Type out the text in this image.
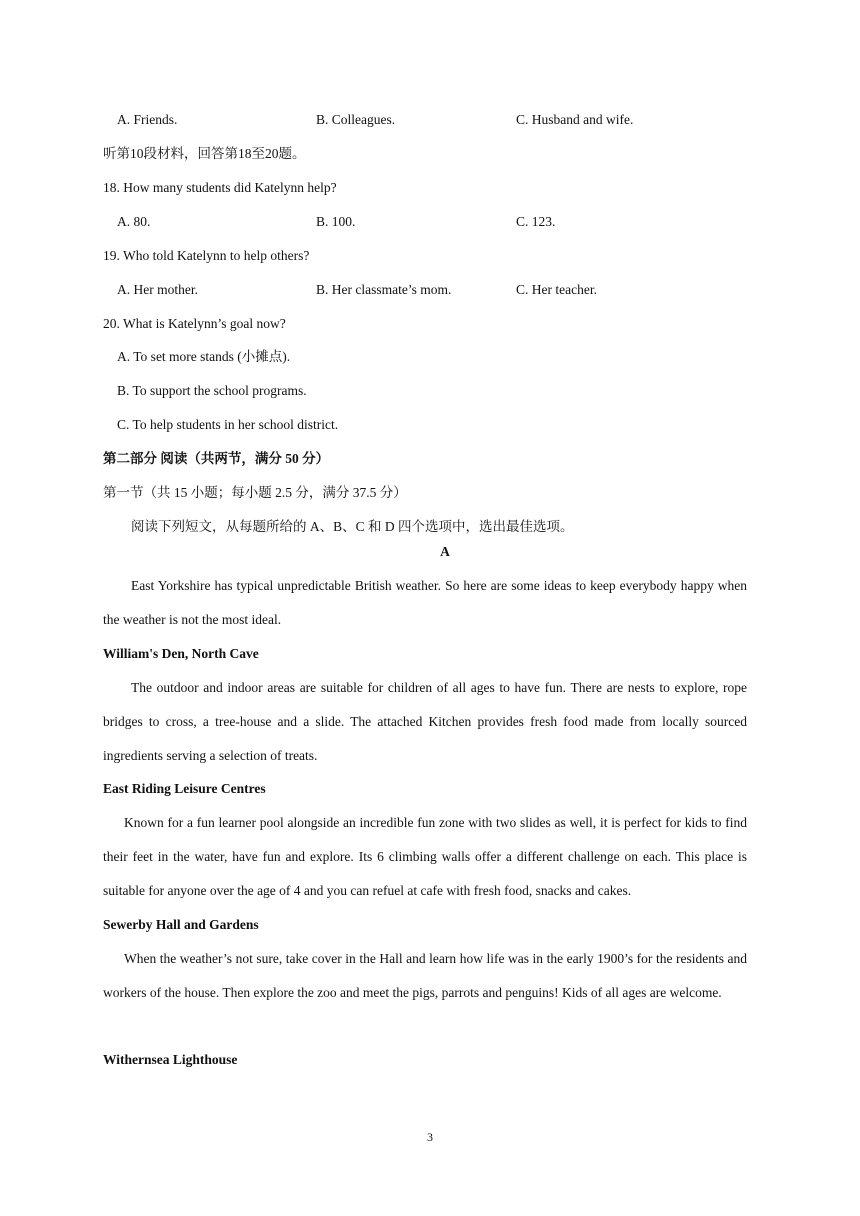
A. Friends.	B. Colleagues.	C. Husband and wife.
听第10段材料，回答第18至20题。
18. How many students did Katelynn help?
A. 80.	B. 100.	C. 123.
19. Who told Katelynn to help others?
A. Her mother.	B. Her classmate’s mom.	C. Her teacher.
20. What is Katelynn’s goal now?
A. To set more stands (小摊点).
B. To support the school programs.
C. To help students in her school district.
第二部分 阅读（共两节，满分 50 分）
第一节（共 15 小题；每小题 2.5 分，满分 37.5 分）
阅读下列短文，从每题所给的 A、B、C 和 D 四个选项中，选出最佳选项。
A
East Yorkshire has typical unpredictable British weather. So here are some ideas to keep everybody happy when the weather is not the most ideal.
William's Den, North Cave
The outdoor and indoor areas are suitable for children of all ages to have fun. There are nests to explore, rope bridges to cross, a tree-house and a slide. The attached Kitchen provides fresh food made from locally sourced ingredients serving a selection of treats.
East Riding Leisure Centres
Known for a fun learner pool alongside an incredible fun zone with two slides as well, it is perfect for kids to find their feet in the water, have fun and explore. Its 6 climbing walls offer a different challenge on each. This place is suitable for anyone over the age of 4 and you can refuel at cafe with fresh food, snacks and cakes.
Sewerby Hall and Gardens
When the weather’s not sure, take cover in the Hall and learn how life was in the early 1900’s for the residents and workers of the house. Then explore the zoo and meet the pigs, parrots and penguins! Kids of all ages are welcome.
Withernsea Lighthouse
3
